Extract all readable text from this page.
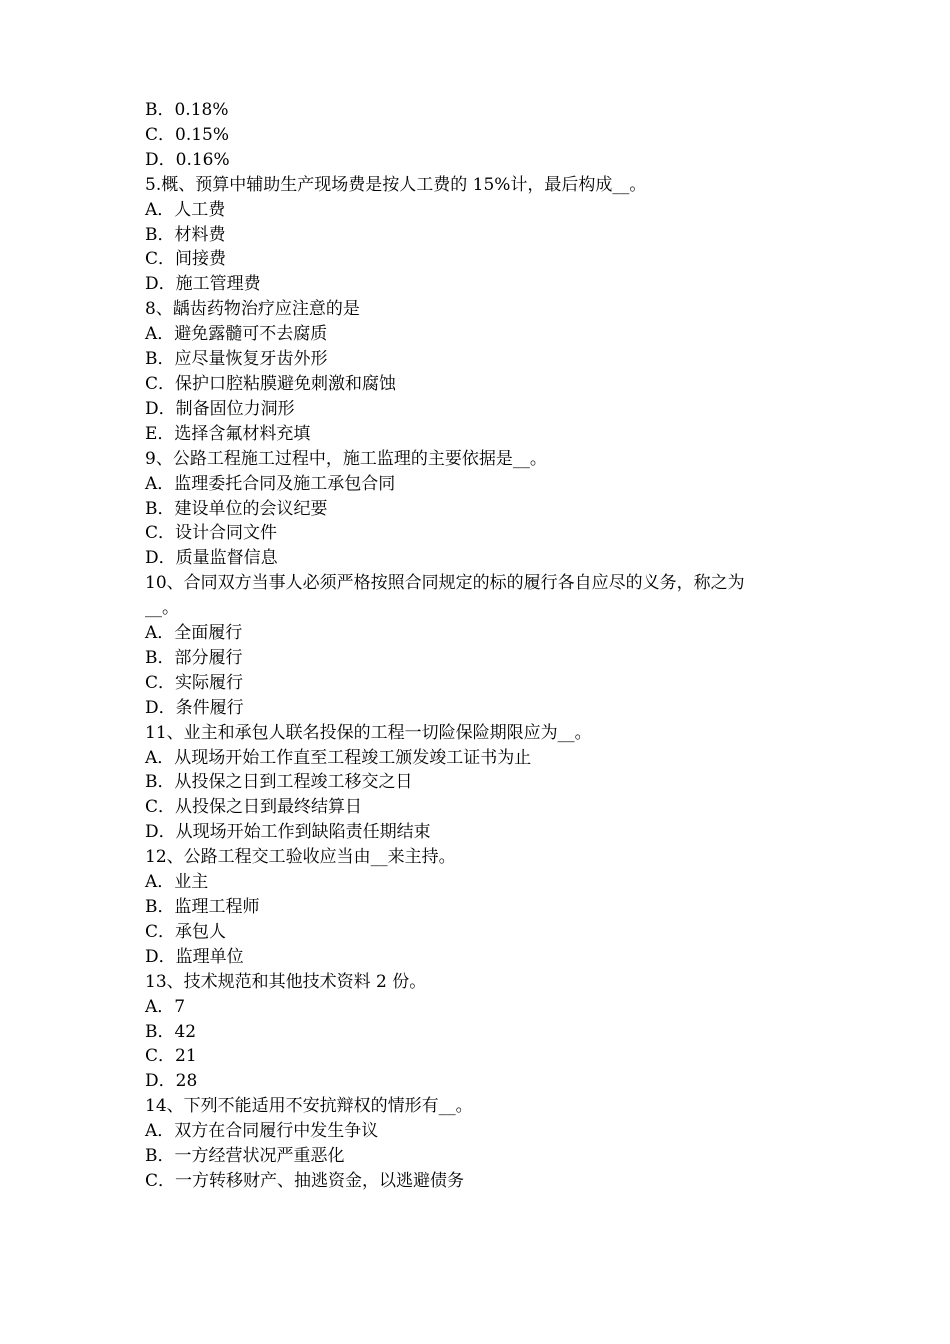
B．0.18%
C．0.15%
D．0.16%
5.概、预算中辅助生产现场费是按人工费的 15%计，最后构成__。
A．人工费
B．材料费
C．间接费
D．施工管理费
8、龋齿药物治疗应注意的是
A．避免露髓可不去腐质
B．应尽量恢复牙齿外形
C．保护口腔粘膜避免刺激和腐蚀
D．制备固位力洞形
E．选择含氟材料充填
9、公路工程施工过程中，施工监理的主要依据是__。
A．监理委托合同及施工承包合同
B．建设单位的会议纪要
C．设计合同文件
D．质量监督信息
10、合同双方当事人必须严格按照合同规定的标的履行各自应尽的义务，称之为
__。
A．全面履行
B．部分履行
C．实际履行
D．条件履行
11、业主和承包人联名投保的工程一切险保险期限应为__。
A．从现场开始工作直至工程竣工颁发竣工证书为止
B．从投保之日到工程竣工移交之日
C．从投保之日到最终结算日
D．从现场开始工作到缺陷责任期结束
12、公路工程交工验收应当由__来主持。
A．业主
B．监理工程师
C．承包人
D．监理单位
13、技术规范和其他技术资料 2 份。
A．7
B．42
C．21
D．28
14、下列不能适用不安抗辩权的情形有__。
A．双方在合同履行中发生争议
B．一方经营状况严重恶化
C．一方转移财产、抽逃资金，以逃避债务
